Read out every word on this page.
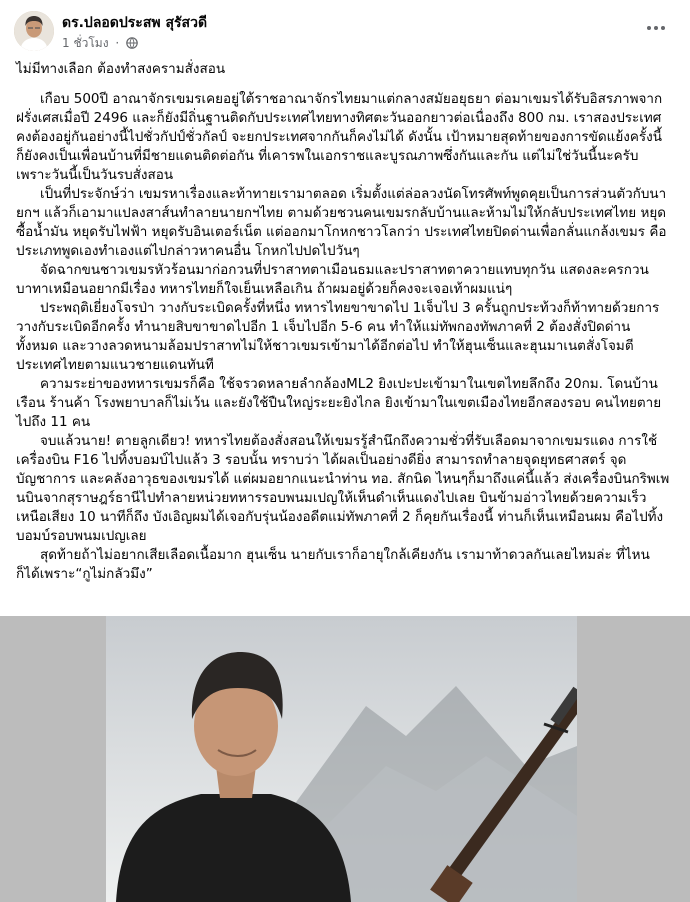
ดร.ปลอดประสพ สุรัสวดี
1 ชั่วโมง ·

ไม่มีทางเลือก ต้องทำสงครามสั่งสอน

เกือบ 500ปี อาณาจักรเขมรเคยอยู่ใต้ราชอาณาจักรไทยมาแต่กลางสมัยอยุธยา ต่อมาเขมรได้รับอิสรภาพจากฝรั่งเศสเมื่อปี 2496 และก็ยังมีถิ่นฐานติดกับประเทศไทยทางทิศตะวันออกยาวต่อเนื่องถึง 800 กม. เราสองประเทศคงต้องอยู่กันอย่างนี้ไปชั่วกัปป์ชั่วกัลป์ จะยกประเทศจากกันก็คงไม่ได้ ดังนั้น เป้าหมายสุดท้ายของการขัดแย้งครั้งนี้ ก็ยังคงเป็นเพื่อนบ้านที่มีชายแดนติดต่อกัน ที่เคารพในเอกราชและบูรณภาพซึ่งกันและกัน แต่ไม่ใช่วันนี้นะครับ เพราะวันนี้เป็นวันรบสั่งสอน

เป็นที่ประจักษ์ว่า เขมรหาเรื่องและท้าทายเรามาตลอด เริ่มตั้งแต่ล่อลวงนัดโทรศัพท์พูดคุยเป็นการส่วนตัวกับนายกฯ แล้วก็เอามาแปลงสาส์นทำลายนายกฯไทย ตามด้วยชวนคนเขมรกลับบ้านและห้ามไม่ให้กลับประเทศไทย หยุดซื้อน้ำมัน หยุดรับไฟฟ้า หยุดรับอินเตอร์เน็ต แต่ออกมาโกหกชาวโลกว่า ประเทศไทยปิดด่านเพื่อกลั่นแกล้งเขมร คือประเภทพูดเองทำเองแต่ไปกล่าวหาคนอื่น โกหกไปปดไปวันๆ

จัดฉากขนชาวเขมรหัวร้อนมาก่อกวนที่ปราสาทตาเมือนธมและปราสาทตาควายแทบทุกวัน แสดงละครกวนบาทาเหมือนอยากมีเรื่อง ทหารไทยก็ใจเย็นเหลือเกิน ถ้าผมอยู่ด้วยก็คงจะเจอเท้าผมแน่ๆ

ประพฤติเยี่ยงโจรป่า วางกับระเบิดครั้งที่หนึ่ง ทหารไทยขาขาดไป 1เจ็บไป 3 ครั้นถูกประท้วงก็ท้าทายด้วยการวางกับระเบิดอีกครั้ง ทำนายสิบขาขาดไปอีก 1 เจ็บไปอีก 5-6 คน ทำให้แม่ทัพกองทัพภาคที่ 2 ต้องสั่งปิดด่านทั้งหมด และวางลวดหนามล้อมปราสาทไม่ให้ชาวเขมรเข้ามาได้อีกต่อไป ทำให้ฮุนเซ็นและฮุนมาเนตสั่งโจมตีประเทศไทยตามแนวชายแดนทันที

ความระย่าของทหารเขมรก็คือ ใช้จรวดหลายลำกล้องML2 ยิงเปะปะเข้ามาในเขตไทยลึกถึง 20กม. โดนบ้านเรือน ร้านค้า โรงพยาบาลก็ไม่เว้น และยังใช้ปืนใหญ่ระยะยิงไกล ยิงเข้ามาในเขตเมืองไทยอีกสองรอบ คนไทยตายไปถึง 11 คน

จบแล้วนาย! ตายลูกเดียว! ทหารไทยต้องสั่งสอนให้เขมรรู้สำนึกถึงความชั่วที่รับเลือดมาจากเขมรแดง การใช้เครื่องบิน F16 ไปทิ้งบอมบ์ไปแล้ว 3 รอบนั้น ทราบว่า ได้ผลเป็นอย่างดียิ่ง สามารถทำลายจุดยุทธศาสตร์ จุดบัญชาการ และคลังอาวุธของเขมรได้ แต่ผมอยากแนะนำท่าน ทอ. สักนิด ไหนๆก็มาถึงแค่นี้แล้ว ส่งเครื่องบินกริพเพนบินจากสุราษฎร์ธานีไปทำลายหน่วยทหารรอบพนมเปญให้เห็นดำเห็นแดงไปเลย บินข้ามอ่าวไทยด้วยความเร็วเหนือเสียง 10 นาทีก็ถึง บังเอิญผมได้เจอกับรุ่นน้องอดีตแม่ทัพภาคที่ 2 ก็คุยกันเรื่องนี้ ท่านก็เห็นเหมือนผม คือไปทิ้งบอมบ์รอบพนมเปญเลย

สุดท้ายถ้าไม่อยากเสียเลือดเนื้อมาก ฮุนเซ็น นายกับเราก็อายุใกล้เคียงกัน เรามาท้าดวลกันเลยไหมล่ะ ที่ไหนก็ได้เพราะ“กูไม่กลัวมึง”
